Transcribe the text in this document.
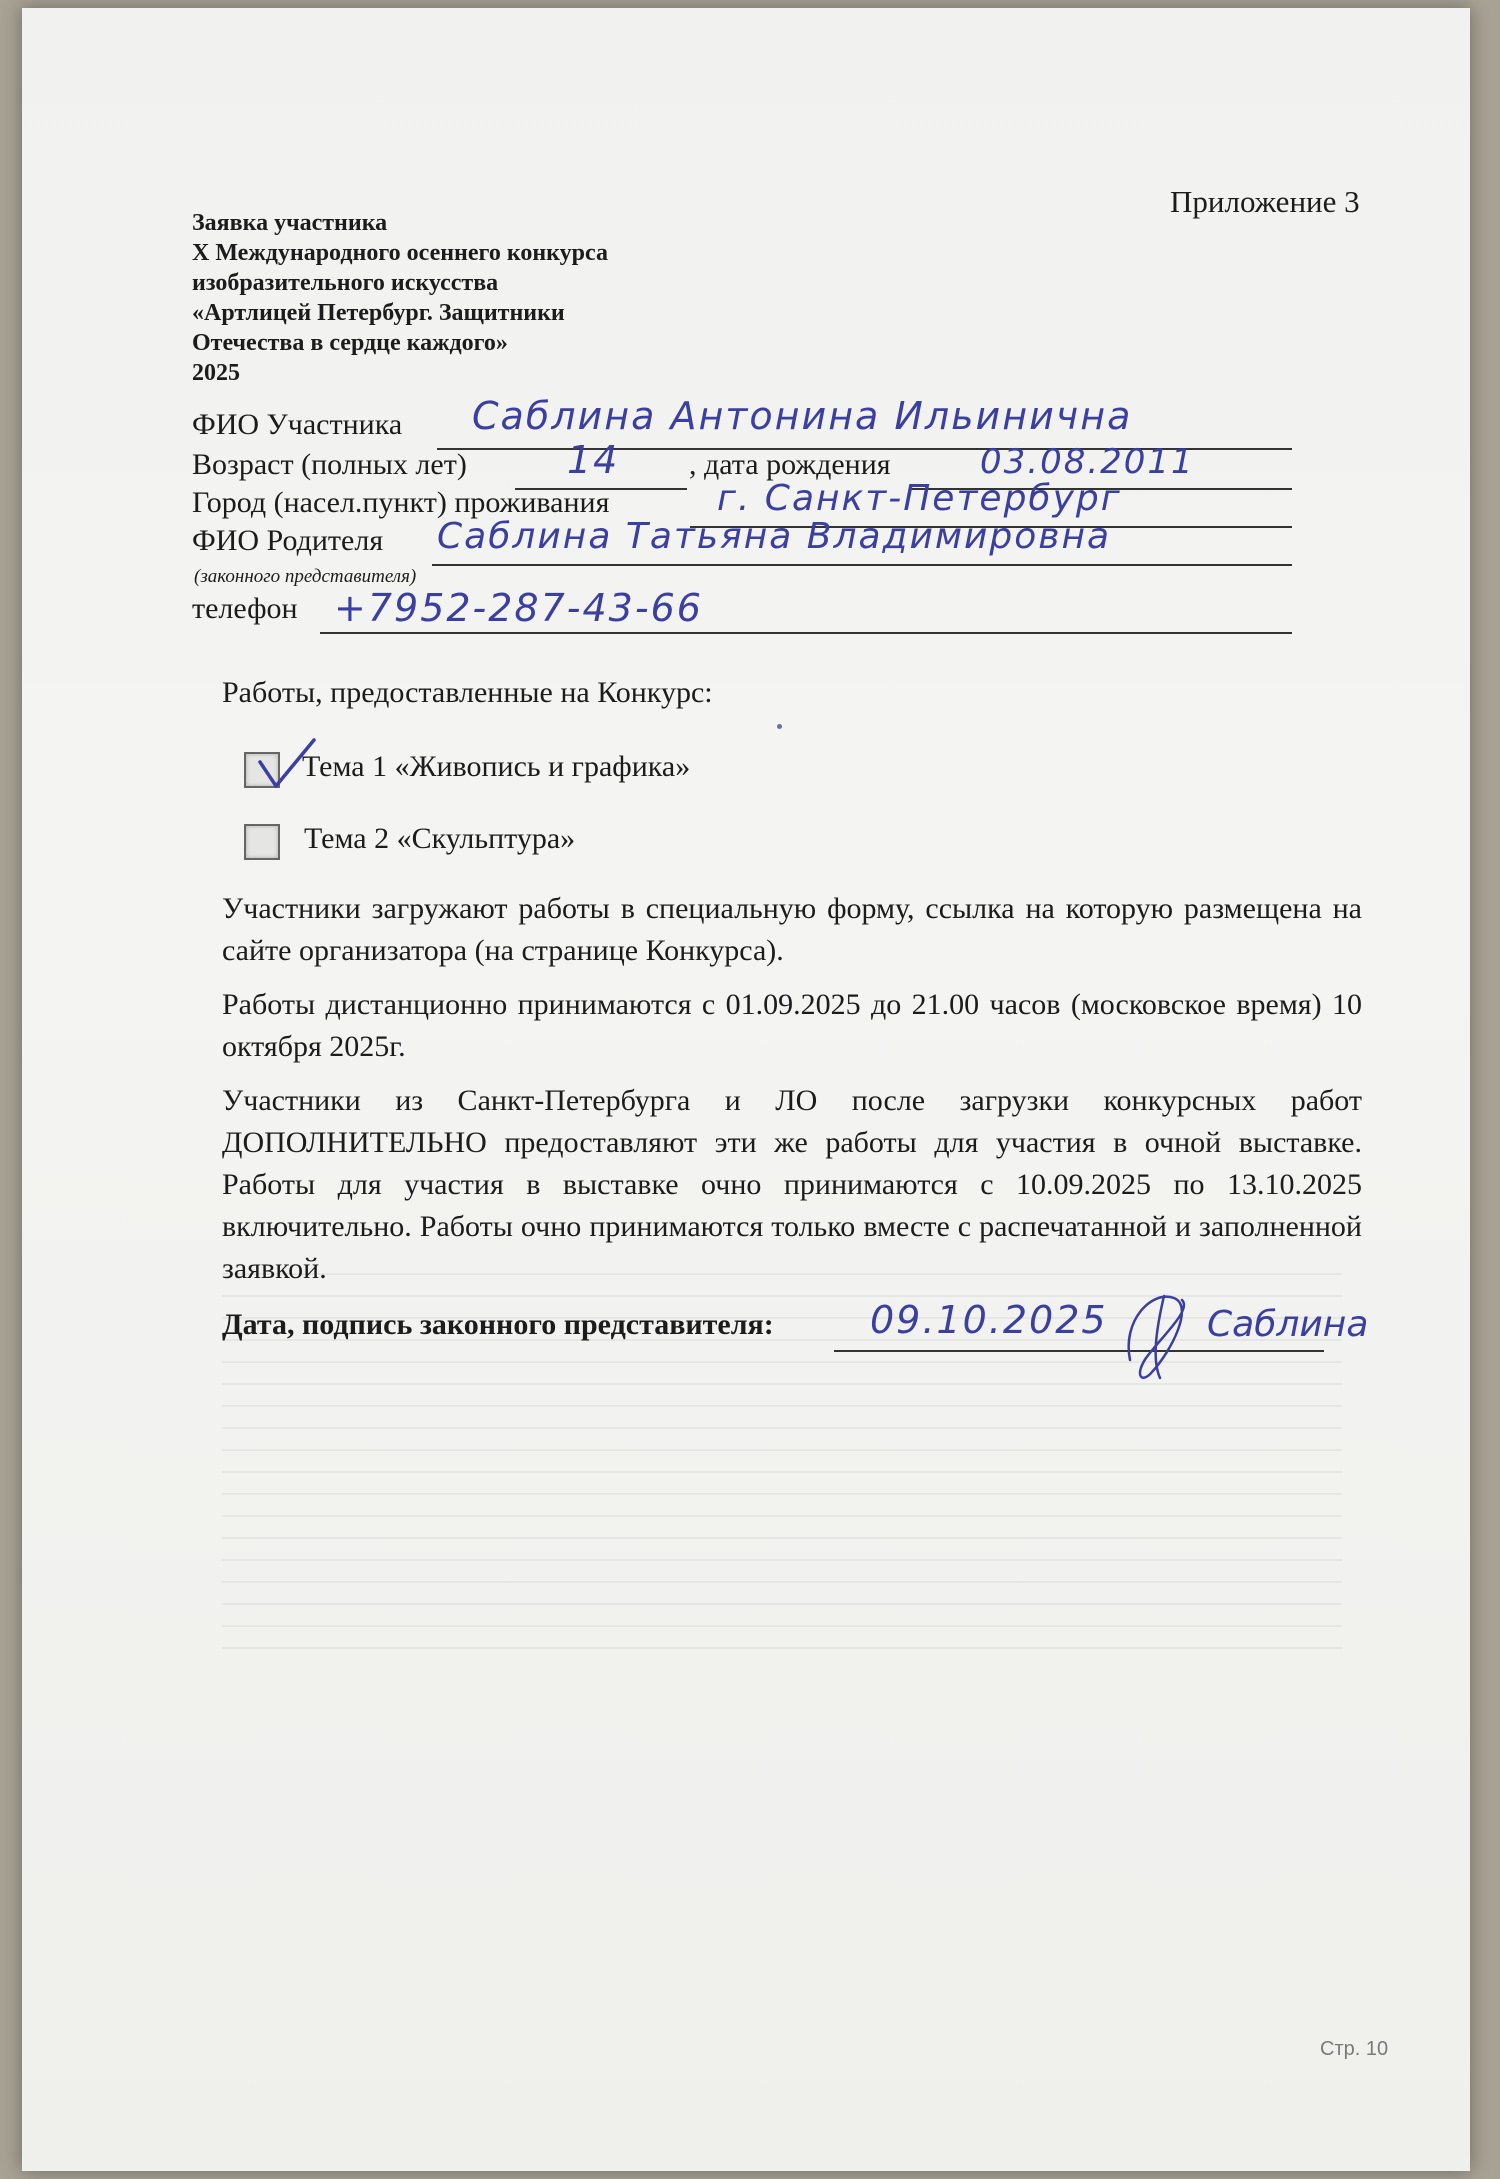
Приложение 3
Заявка участника
X Международного осеннего конкурса
изобразительного искусства
«Артлицей Петербург. Защитники
Отечества в сердце каждого»
2025
ФИО Участника Саблина Антонина Ильинична
Возраст (полных лет)	14 , дата рождения	03.08.2011
Город (насел.пункт) проживания	г. Санкт-Петербург
ФИО Родителя Саблина Татьяна Владимировна
(законного представителя)
телефон +7952-287-43-66
Работы, предоставленные на Конкурс:
Тема 1 «Живопись и графика»
Тема 2 «Скульптура»
Участники загружают работы в специальную форму, ссылка на которую размещена на сайте организатора (на странице Конкурса).
Работы дистанционно принимаются с 01.09.2025 до 21.00 часов (московское время) 10 октября 2025г.
Участники из Санкт-Петербурга и ЛО после загрузки конкурсных работ ДОПОЛНИТЕЛЬНО предоставляют эти же работы для участия в очной выставке. Работы для участия в выставке очно принимаются с 10.09.2025 по 13.10.2025 включительно. Работы очно принимаются только вместе с распечатанной и заполненной заявкой.
Дата, подпись законного представителя:	09.10.2025	Саблина
Стр. 10
